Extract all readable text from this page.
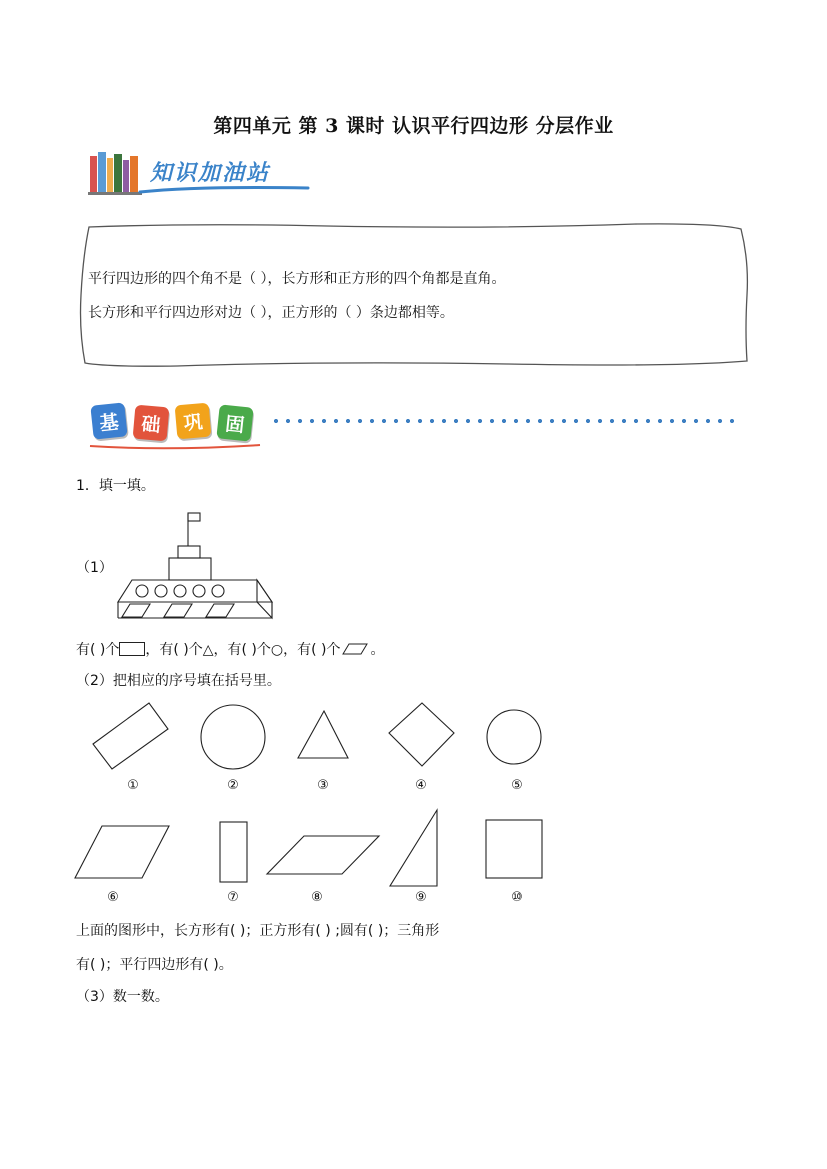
第四单元 第 3 课时 认识平行四边形 分层作业
知识加油站
平行四边形的四个角不是（ ），长方形和正方形的四个角都是直角。
长方形和平行四边形对边（ ），正方形的（ ）条边都相等。
基	础	巩	固
1．填一填。
（1）
有( )个 ，有( )个△，有( )个○，有( )个 。
（2）把相应的序号填在括号里。
①	②	③	④	⑤
⑥	⑦	⑧	⑨	⑩
上面的图形中，长方形有( )；正方形有( ) ;圆有( )；三角形
有( )；平行四边形有( )。
（3）数一数。
